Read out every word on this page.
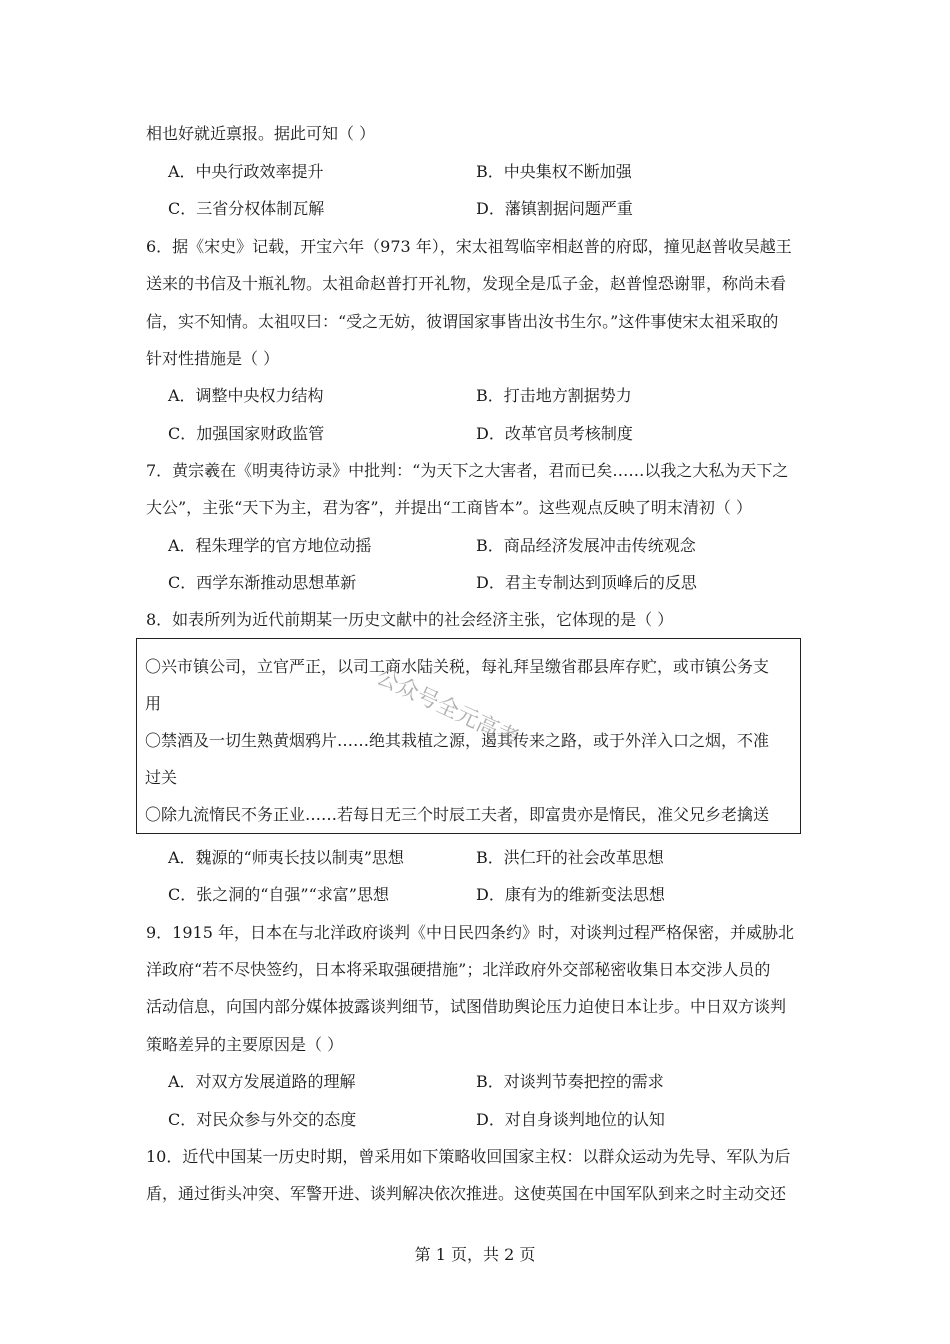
相也好就近禀报。据此可知（ ）
A．中央行政效率提升	B．中央集权不断加强
C．三省分权体制瓦解	D．藩镇割据问题严重
6．据《宋史》记载，开宝六年（973 年），宋太祖驾临宰相赵普的府邸，撞见赵普收吴越王
送来的书信及十瓶礼物。太祖命赵普打开礼物，发现全是瓜子金，赵普惶恐谢罪，称尚未看
信，实不知情。太祖叹曰：“受之无妨，彼谓国家事皆出汝书生尔。”这件事使宋太祖采取的
针对性措施是（ ）
A．调整中央权力结构	B．打击地方割据势力
C．加强国家财政监管	D．改革官员考核制度
7．黄宗羲在《明夷待访录》中批判：“为天下之大害者，君而已矣……以我之大私为天下之
大公”，主张“天下为主，君为客”，并提出“工商皆本”。这些观点反映了明末清初（ ）
A．程朱理学的官方地位动摇	B．商品经济发展冲击传统观念
C．西学东渐推动思想革新	D．君主专制达到顶峰后的反思
8．如表所列为近代前期某一历史文献中的社会经济主张，它体现的是（ ）
〇兴市镇公司，立官严正，以司工商水陆关税，每礼拜呈缴省郡县库存贮，或市镇公务支
用
〇禁酒及一切生熟黄烟鸦片……绝其栽植之源，遏其传来之路，或于外洋入口之烟，不准
过关
〇除九流惰民不务正业……若每日无三个时辰工夫者，即富贵亦是惰民，准父兄乡老擒送
公众号全元高考
A．魏源的“师夷长技以制夷”思想	B．洪仁玕的社会改革思想
C．张之洞的“自强”“求富”思想	D．康有为的维新变法思想
9．1915 年，日本在与北洋政府谈判《中日民四条约》时，对谈判过程严格保密，并威胁北
洋政府“若不尽快签约，日本将采取强硬措施”；北洋政府外交部秘密收集日本交涉人员的
活动信息，向国内部分媒体披露谈判细节，试图借助舆论压力迫使日本让步。中日双方谈判
策略差异的主要原因是（ ）
A．对双方发展道路的理解	B．对谈判节奏把控的需求
C．对民众参与外交的态度	D．对自身谈判地位的认知
10．近代中国某一历史时期，曾采用如下策略收回国家主权：以群众运动为先导、军队为后
盾，通过街头冲突、军警开进、谈判解决依次推进。这使英国在中国军队到来之时主动交还
第 1 页，共 2 页
